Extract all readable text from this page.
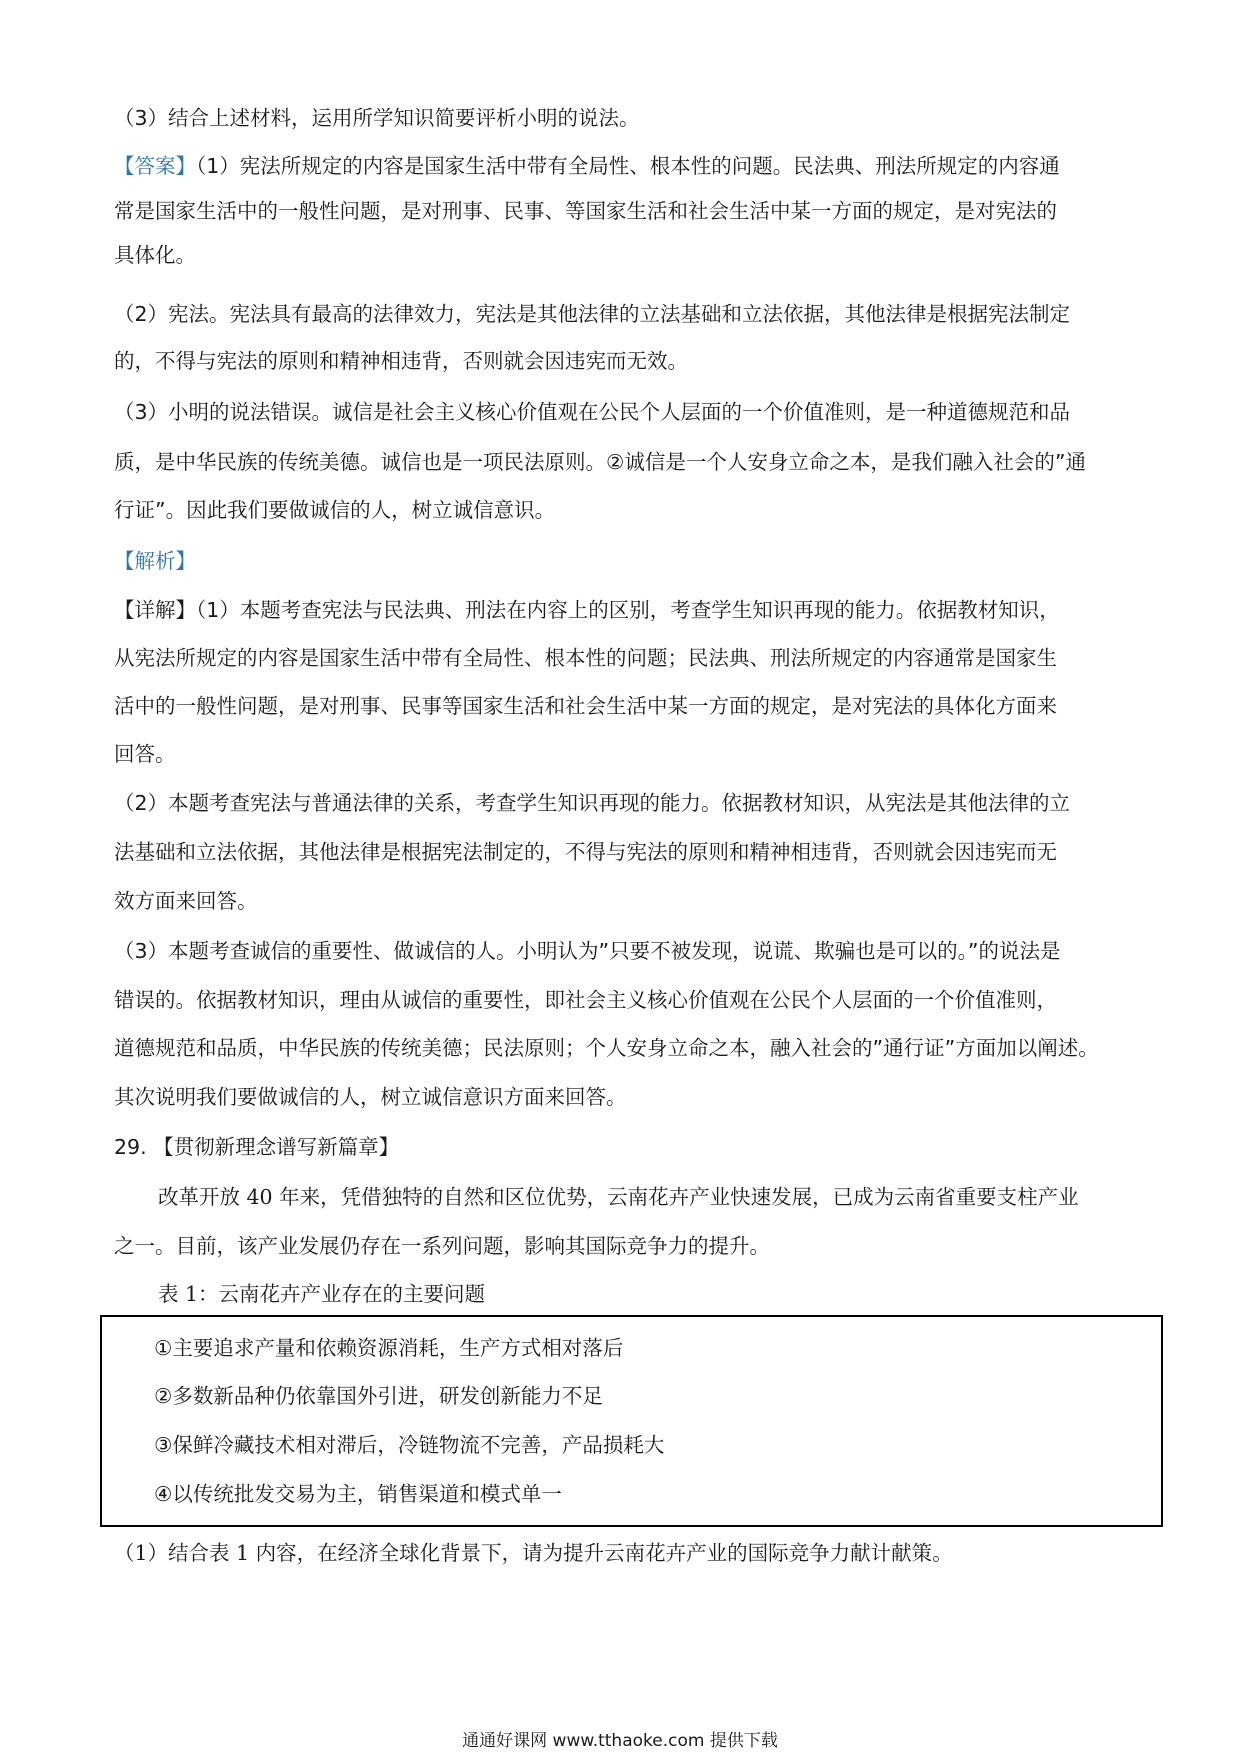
（3）结合上述材料，运用所学知识简要评析小明的说法。
【答案】（1）宪法所规定的内容是国家生活中带有全局性、根本性的问题。民法典、刑法所规定的内容通
常是国家生活中的一般性问题，是对刑事、民事、等国家生活和社会生活中某一方面的规定，是对宪法的
具体化。
（2）宪法。宪法具有最高的法律效力，宪法是其他法律的立法基础和立法依据，其他法律是根据宪法制定
的，不得与宪法的原则和精神相违背，否则就会因违宪而无效。
（3）小明的说法错误。诚信是社会主义核心价值观在公民个人层面的一个价值准则，是一种道德规范和品
质，是中华民族的传统美德。诚信也是一项民法原则。②诚信是一个人安身立命之本，是我们融入社会的”通
行证”。因此我们要做诚信的人，树立诚信意识。
【解析】
【详解】（1）本题考查宪法与民法典、刑法在内容上的区别，考查学生知识再现的能力。依据教材知识，
从宪法所规定的内容是国家生活中带有全局性、根本性的问题；民法典、刑法所规定的内容通常是国家生
活中的一般性问题，是对刑事、民事等国家生活和社会生活中某一方面的规定，是对宪法的具体化方面来
回答。
（2）本题考查宪法与普通法律的关系，考查学生知识再现的能力。依据教材知识，从宪法是其他法律的立
法基础和立法依据，其他法律是根据宪法制定的，不得与宪法的原则和精神相违背，否则就会因违宪而无
效方面来回答。
（3）本题考查诚信的重要性、做诚信的人。小明认为”只要不被发现，说谎、欺骗也是可以的。”的说法是
错误的。依据教材知识，理由从诚信的重要性，即社会主义核心价值观在公民个人层面的一个价值准则，
道德规范和品质，中华民族的传统美德；民法原则；个人安身立命之本，融入社会的”通行证”方面加以阐述。
其次说明我们要做诚信的人，树立诚信意识方面来回答。
29. 【贯彻新理念谱写新篇章】
改革开放 40 年来，凭借独特的自然和区位优势，云南花卉产业快速发展，已成为云南省重要支柱产业
之一。目前，该产业发展仍存在一系列问题，影响其国际竞争力的提升。
表 1：云南花卉产业存在的主要问题
①主要追求产量和依赖资源消耗，生产方式相对落后
②多数新品种仍依靠国外引进，研发创新能力不足
③保鲜冷藏技术相对滞后，冷链物流不完善，产品损耗大
④以传统批发交易为主，销售渠道和模式单一
（1）结合表 1 内容，在经济全球化背景下，请为提升云南花卉产业的国际竞争力献计献策。
通通好课网 www.tthaoke.com 提供下载
